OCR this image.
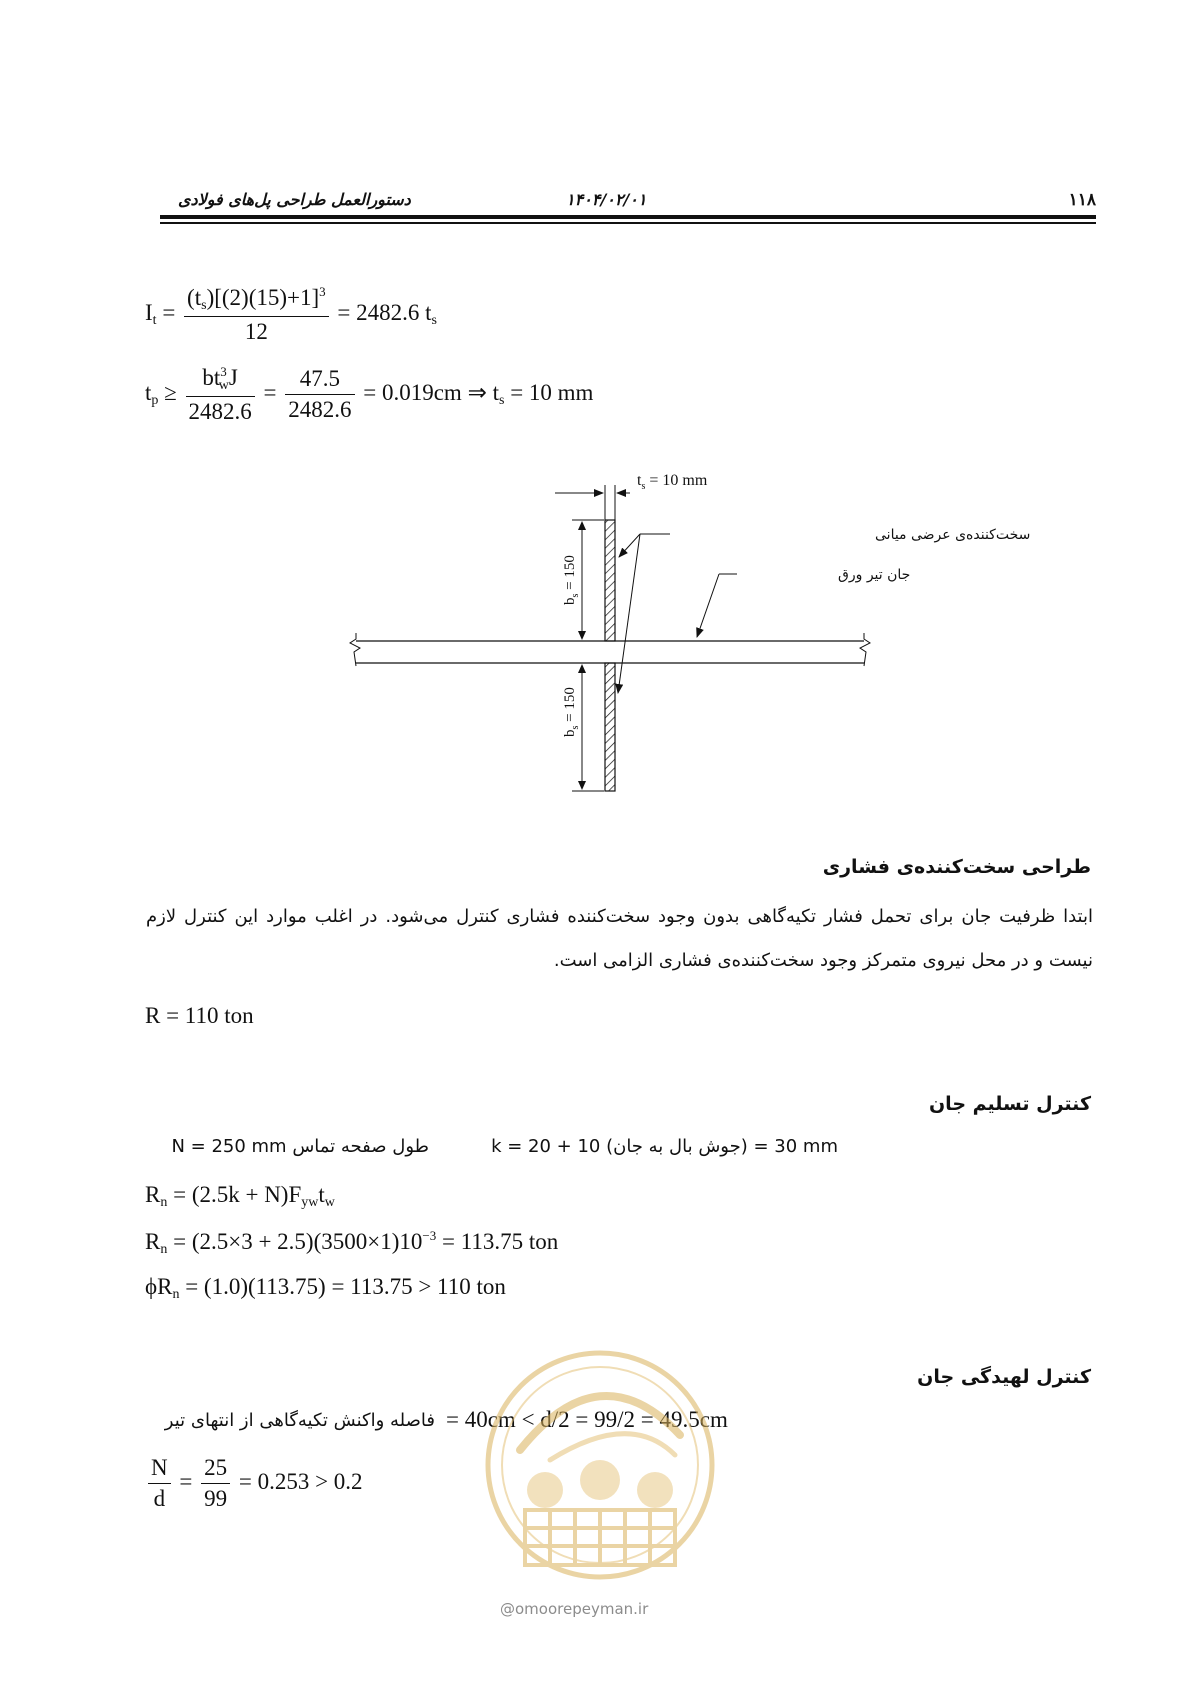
۱۱۸
۱۴۰۴/۰۲/۰۱
دستورالعمل طراحی پل‌های فولادی
$I_t = \frac{(t_s)[(2)(15)+1]^3}{12} = 2482.6$ $t_s$
$t_p \ge \frac{bt^3_wJ}{2482.6} = \frac{47.5}{2482.6} = 0.019cm$ ⇒ $t_s = 10$ mm
$t_s = 10$ mm
$b_s = 150$
$b_s = 150$
سخت‌کننده‌ی عرضی میانی
جان تیر ورق
طراحی سخت‌کننده‌ی فشاری
ابتدا ظرفیت جان برای تحمل فشار تکیه‌گاهی بدون وجود سخت‌کننده فشاری کنترل می‌شود. در اغلب موارد این کنترل لازم نیست و در محل نیروی متمرکز وجود سخت‌کننده‌ی فشاری الزامی است.
R = 110 ton
کنترل تسلیم جان
طول صفحه تماس N = 250 mm	k = 20 + 10 (جوش بال به جان) = 30 mm
$R_n = (2.5k + N)F_{yw}t_w$
$R_n = (2.5\times 3 + 2.5)(3500\times 1)10^{-3} = 113.75$ ton
$\phi R_n = (1.0)(113.75) = 113.75 > 110$ ton
کنترل لهیدگی جان
فاصله واکنش تکیه‌گاهی از انتهای تیر = 40cm < d/2 = 99/2 = 49.5cm
$\frac{N}{d} = \frac{25}{99} = 0.253 > 0.2$
@omoorepeyman.ir
